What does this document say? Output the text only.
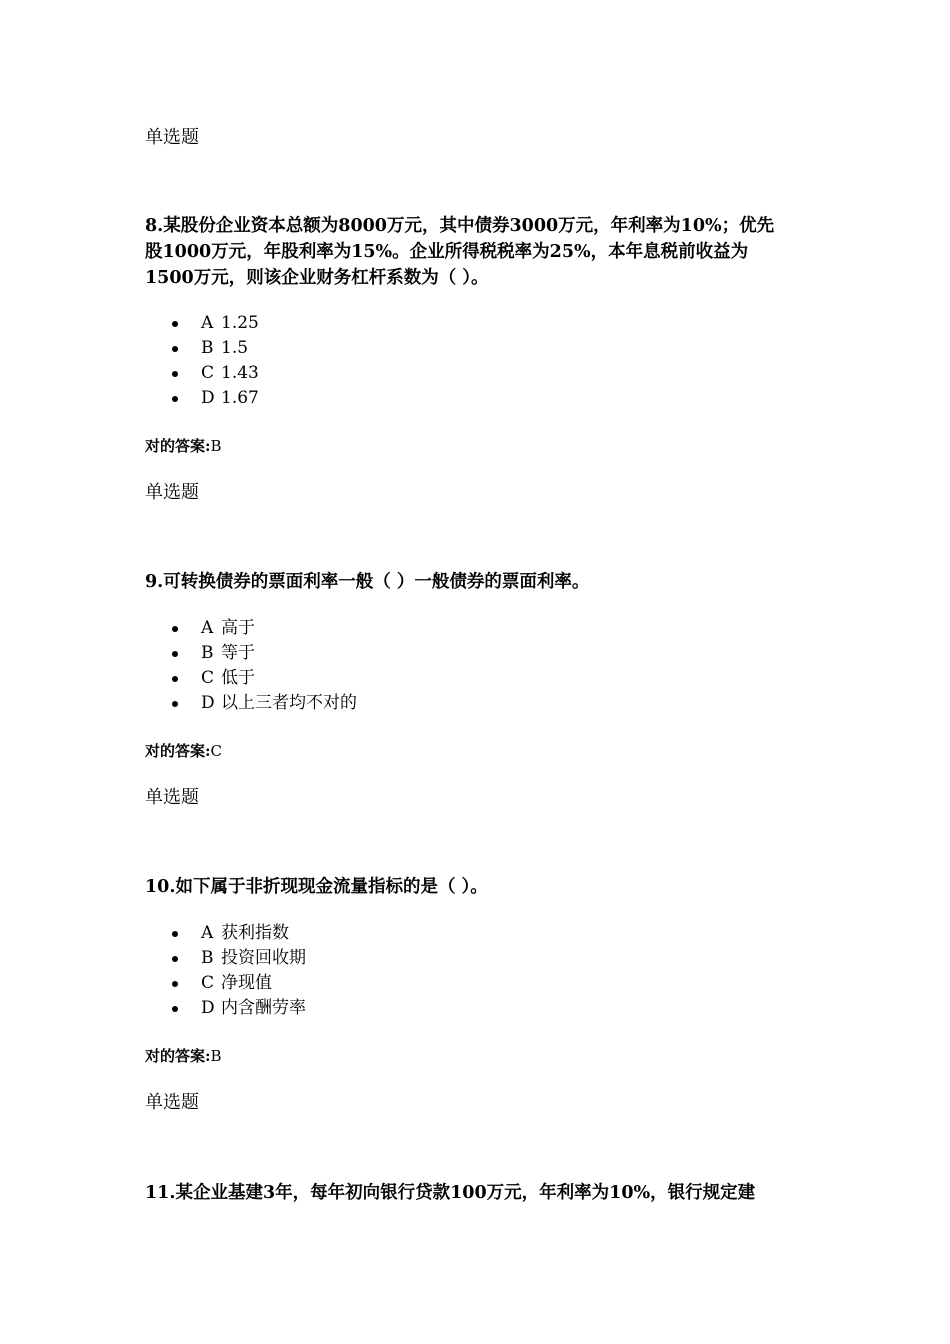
单选题
8.某股份企业资本总额为8000万元，其中债券3000万元，年利率为10%；优先
股1000万元，年股利率为15%。企业所得税税率为25%，本年息税前收益为
1500万元，则该企业财务杠杆系数为（ ）。
A 1.25
B 1.5
C 1.43
D 1.67
对的答案:B
单选题
9.可转换债券的票面利率一般（ ）一般债券的票面利率。
A 高于
B 等于
C 低于
D 以上三者均不对的
对的答案:C
单选题
10.如下属于非折现现金流量指标的是（ ）。
A 获利指数
B 投资回收期
C 净现值
D 内含酬劳率
对的答案:B
单选题
11.某企业基建3年，每年初向银行贷款100万元，年利率为10%，银行规定建
